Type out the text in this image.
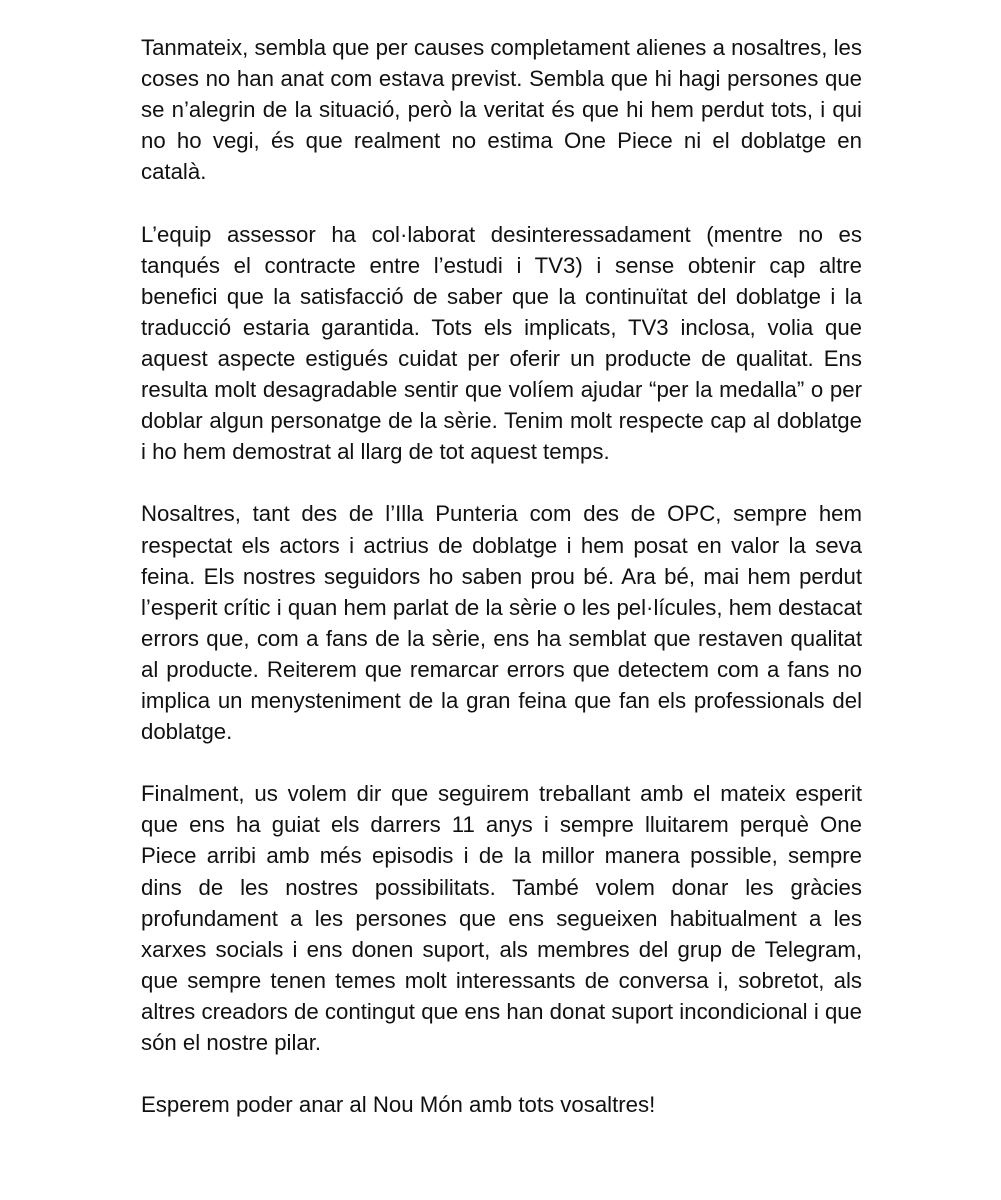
Tanmateix, sembla que per causes completament alienes a nosaltres, les coses no han anat com estava previst. Sembla que hi hagi persones que se n’alegrin de la situació, però la veritat és que hi hem perdut tots, i qui no ho vegi, és que realment no estima One Piece ni el doblatge en català.

L’equip assessor ha col·laborat desinteressadament (mentre no es tanqués el contracte entre l’estudi i TV3) i sense obtenir cap altre benefici que la satisfacció de saber que la continuïtat del doblatge i la traducció estaria garantida. Tots els implicats, TV3 inclosa, volia que aquest aspecte estigués cuidat per oferir un producte de qualitat. Ens resulta molt desagradable sentir que volíem ajudar “per la medalla” o per doblar algun personatge de la sèrie. Tenim molt respecte cap al doblatge i ho hem demostrat al llarg de tot aquest temps.

Nosaltres, tant des de l’Illa Punteria com des de OPC, sempre hem respectat els actors i actrius de doblatge i hem posat en valor la seva feina. Els nostres seguidors ho saben prou bé. Ara bé, mai hem perdut l’esperit crític i quan hem parlat de la sèrie o les pel·lícules, hem destacat errors que, com a fans de la sèrie, ens ha semblat que restaven qualitat al producte. Reiterem que remarcar errors que detectem com a fans no implica un menysteniment de la gran feina que fan els professionals del doblatge.

Finalment, us volem dir que seguirem treballant amb el mateix esperit que ens ha guiat els darrers 11 anys i sempre lluitarem perquè One Piece arribi amb més episodis i de la millor manera possible, sempre dins de les nostres possibilitats. També volem donar les gràcies profundament a les persones que ens segueixen habitualment a les xarxes socials i ens donen suport, als membres del grup de Telegram, que sempre tenen temes molt interessants de conversa i, sobretot, als altres creadors de contingut que ens han donat suport incondicional i que són el nostre pilar.

Esperem poder anar al Nou Món amb tots vosaltres!
